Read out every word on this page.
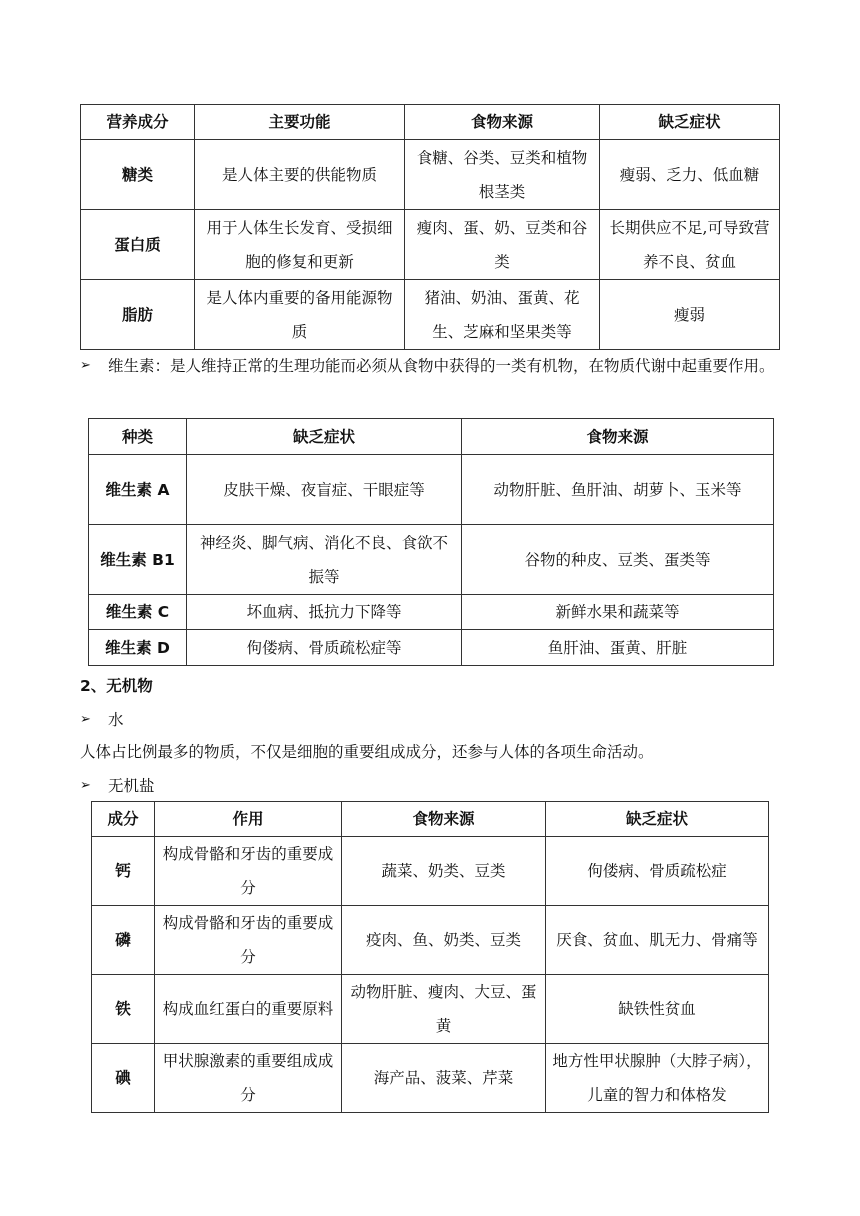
营养成分	主要功能	食物来源	缺乏症状
糖类	是人体主要的供能物质	食糖、谷类、豆类和植物根茎类	瘦弱、乏力、低血糖
蛋白质	用于人体生长发育、受损细胞的修复和更新	瘦肉、蛋、奶、豆类和谷类	长期供应不足,可导致营养不良、贫血
脂肪	是人体内重要的备用能源物质	猪油、奶油、蛋黄、花生、芝麻和坚果类等	瘦弱
➢ 维生素：是人维持正常的生理功能而必须从食物中获得的一类有机物，在物质代谢中起重要作用。
种类	缺乏症状	食物来源
维生素 A	皮肤干燥、夜盲症、干眼症等	动物肝脏、鱼肝油、胡萝卜、玉米等
维生素 B1	神经炎、脚气病、消化不良、食欲不振等	谷物的种皮、豆类、蛋类等
维生素 C	坏血病、抵抗力下降等	新鲜水果和蔬菜等
维生素 D	佝偻病、骨质疏松症等	鱼肝油、蛋黄、肝脏
2、无机物
➢ 水
人体占比例最多的物质，不仅是细胞的重要组成成分，还参与人体的各项生命活动。
➢ 无机盐
成分	作用	食物来源	缺乏症状
钙	构成骨骼和牙齿的重要成分	蔬菜、奶类、豆类	佝偻病、骨质疏松症
磷	构成骨骼和牙齿的重要成分	疫肉、鱼、奶类、豆类	厌食、贫血、肌无力、骨痛等
铁	构成血红蛋白的重要原料	动物肝脏、瘦肉、大豆、蛋黄	缺铁性贫血
碘	甲状腺激素的重要组成成分	海产品、菠菜、芹菜	地方性甲状腺肿（大脖子病），儿童的智力和体格发
